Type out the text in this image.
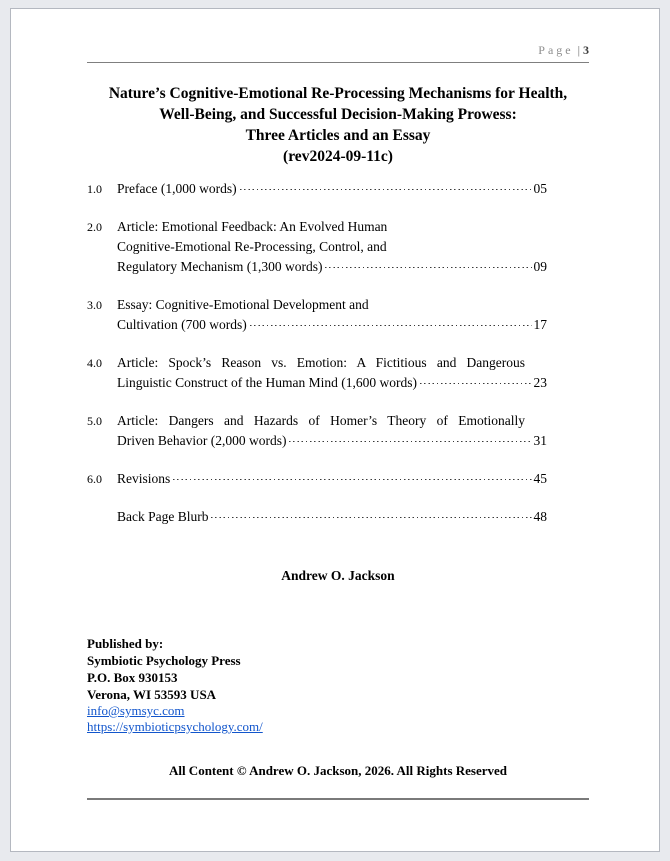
Page | 3
Nature’s Cognitive-Emotional Re-Processing Mechanisms for Health,
Well-Being, and Successful Decision-Making Prowess:
Three Articles and an Essay
(rev2024-09-11c)
1.0	Preface (1,000 words)	05
2.0	Article: Emotional Feedback: An Evolved Human
Cognitive-Emotional Re-Processing, Control, and
Regulatory Mechanism (1,300 words)	09
3.0	Essay: Cognitive-Emotional Development and
Cultivation (700 words)	17
4.0	Article: Spock’s Reason vs. Emotion: A Fictitious and Dangerous
Linguistic Construct of the Human Mind (1,600 words)	23
5.0	Article: Dangers and Hazards of Homer’s Theory of Emotionally
Driven Behavior (2,000 words)	31
6.0	Revisions	45
Back Page Blurb	48
Andrew O. Jackson
Published by:
Symbiotic Psychology Press
P.O. Box 930153
Verona, WI 53593 USA
info@symsyc.com
https://symbioticpsychology.com/
All Content © Andrew O. Jackson, 2026. All Rights Reserved
